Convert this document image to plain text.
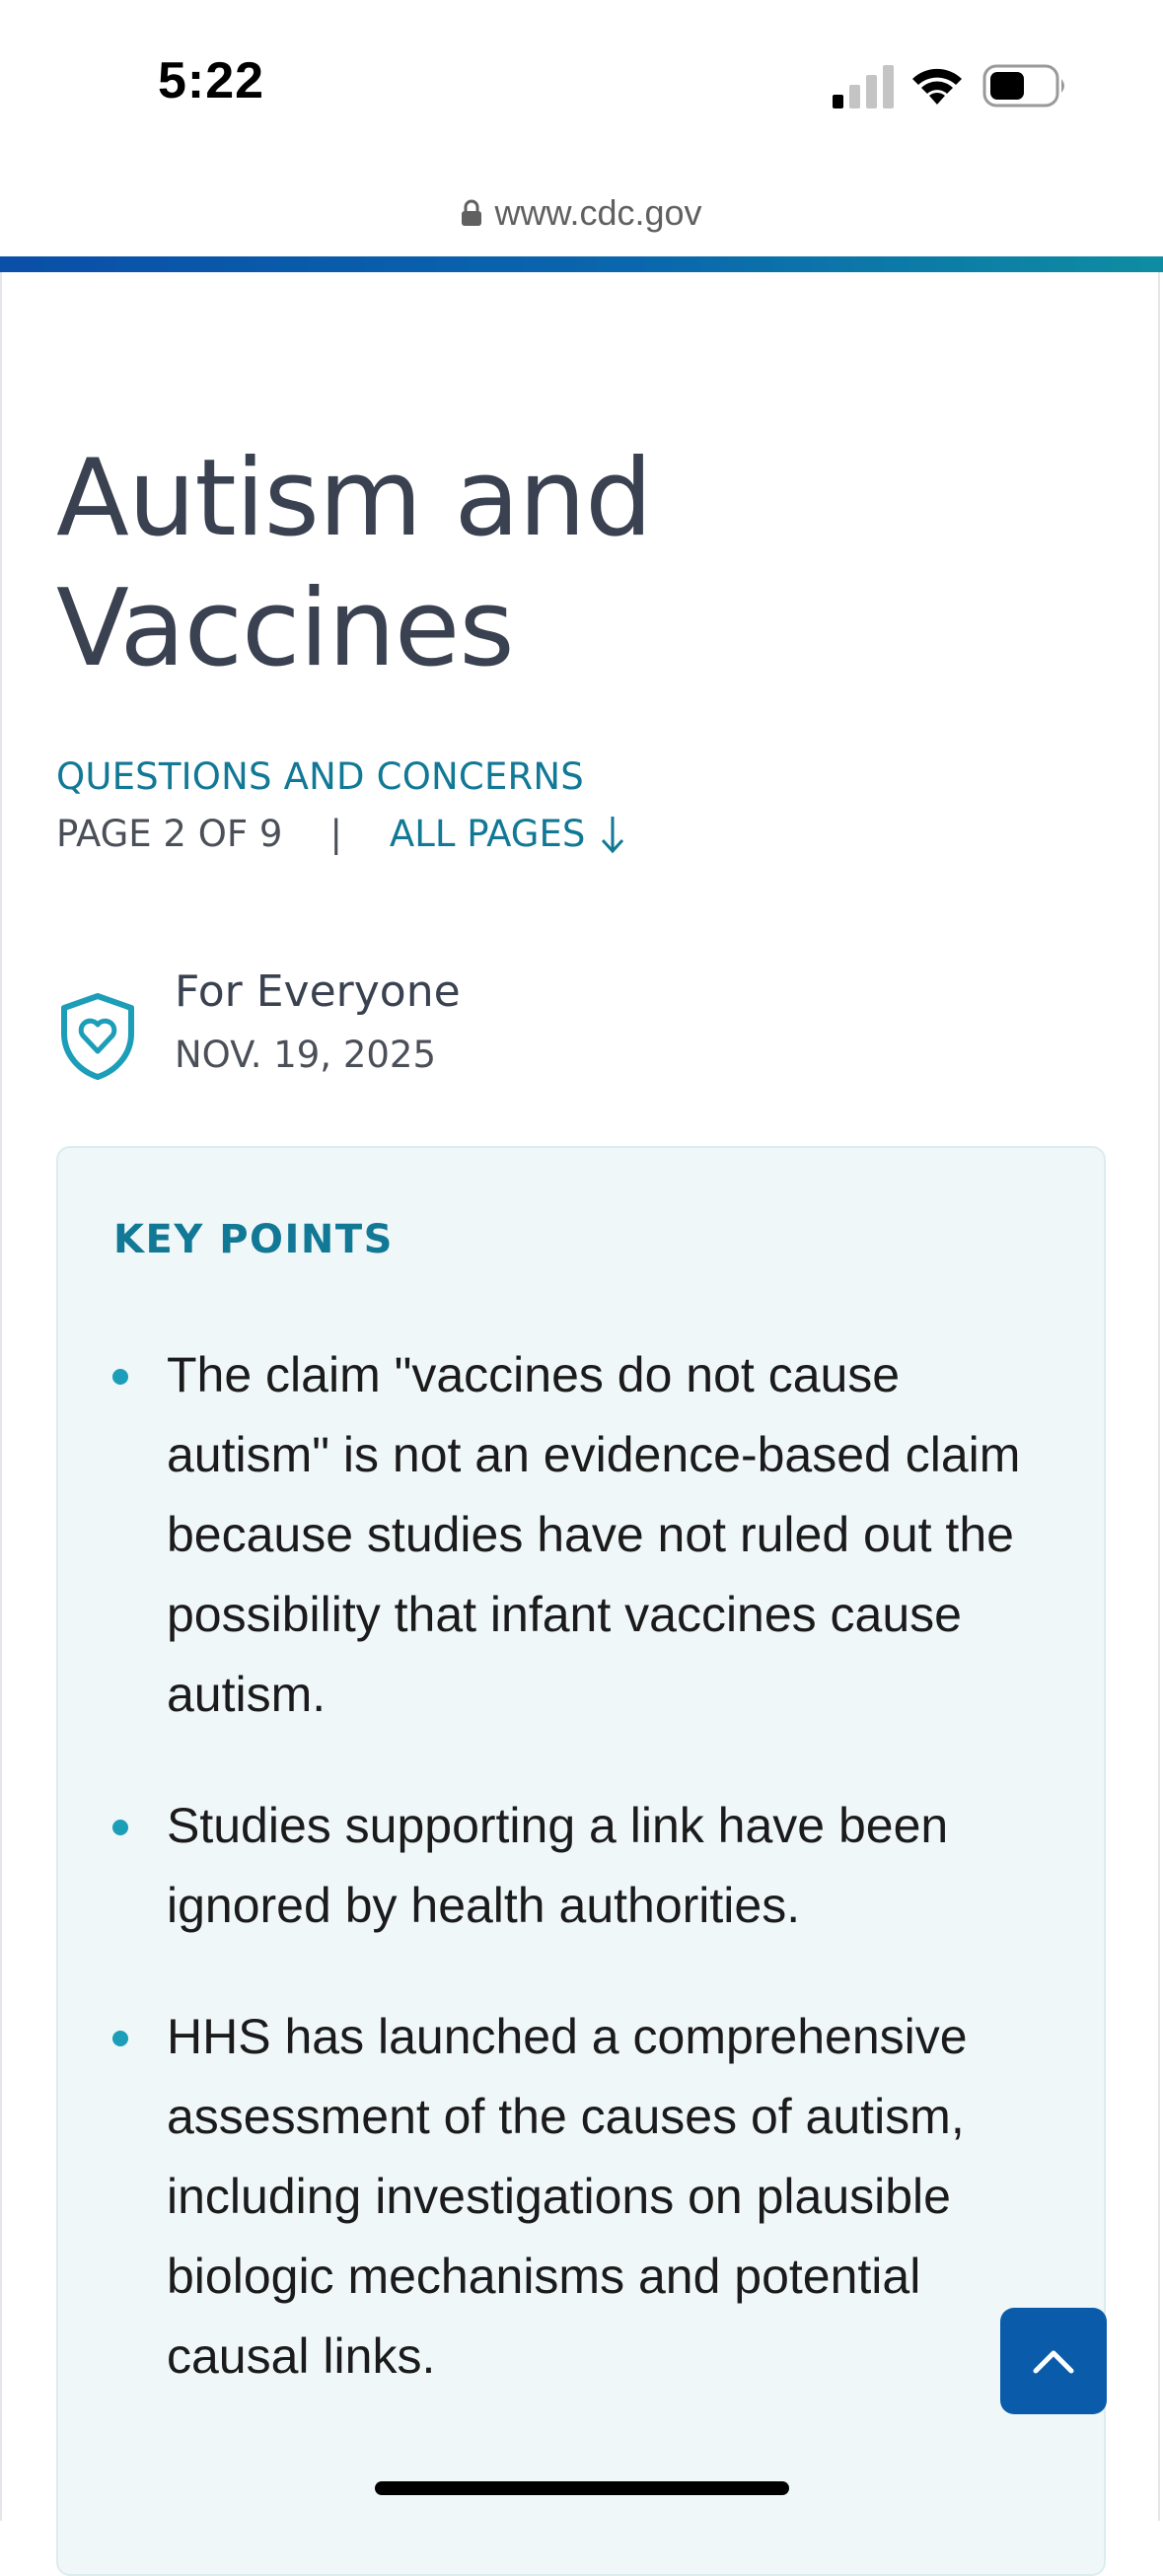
5:22
www.cdc.gov
Autism and Vaccines
QUESTIONS AND CONCERNS
PAGE 2 OF 9 | ALL PAGES
For Everyone
NOV. 19, 2025
KEY POINTS
The claim "vaccines do not cause autism" is not an evidence-based claim because studies have not ruled out the possibility that infant vaccines cause autism.
Studies supporting a link have been ignored by health authorities.
HHS has launched a comprehensive assessment of the causes of autism, including investigations on plausible biologic mechanisms and potential causal links.
